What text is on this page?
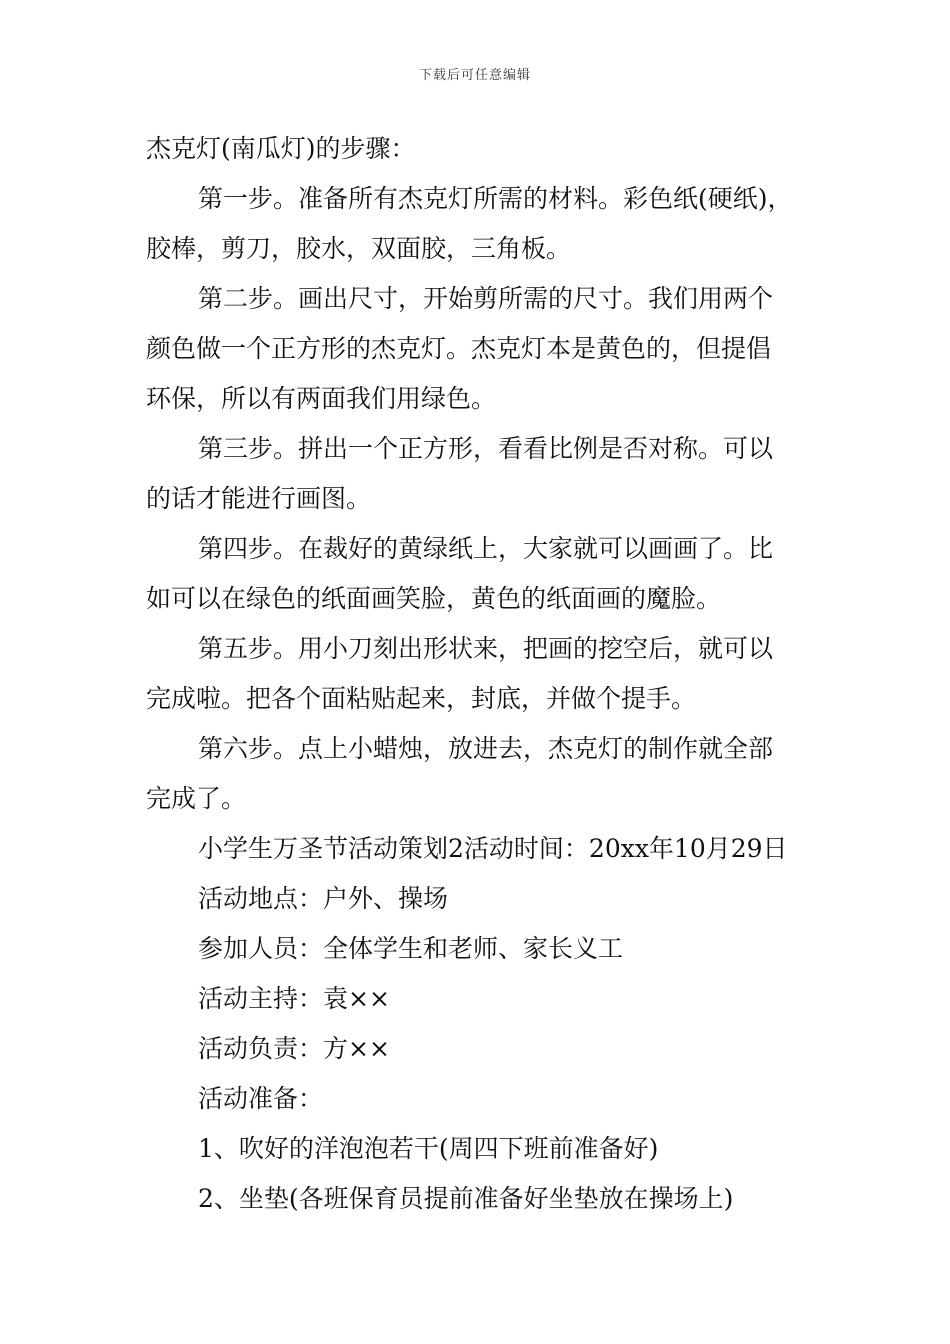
下载后可任意编辑

杰克灯(南瓜灯)的步骤：

第一步。准备所有杰克灯所需的材料。彩色纸(硬纸)，

胶棒，剪刀，胶水，双面胶，三角板。

第二步。画出尺寸，开始剪所需的尺寸。我们用两个

颜色做一个正方形的杰克灯。杰克灯本是黄色的，但提倡

环保，所以有两面我们用绿色。

第三步。拼出一个正方形，看看比例是否对称。可以

的话才能进行画图。

第四步。在裁好的黄绿纸上，大家就可以画画了。比

如可以在绿色的纸面画笑脸，黄色的纸面画的魔脸。

第五步。用小刀刻出形状来，把画的挖空后，就可以

完成啦。把各个面粘贴起来，封底，并做个提手。

第六步。点上小蜡烛，放进去，杰克灯的制作就全部

完成了。

小学生万圣节活动策划2活动时间：20xx年10月29日

活动地点：户外、操场

参加人员：全体学生和老师、家长义工

活动主持：袁××

活动负责：方××

活动准备：

1、吹好的洋泡泡若干(周四下班前准备好)

2、坐垫(各班保育员提前准备好坐垫放在操场上)
